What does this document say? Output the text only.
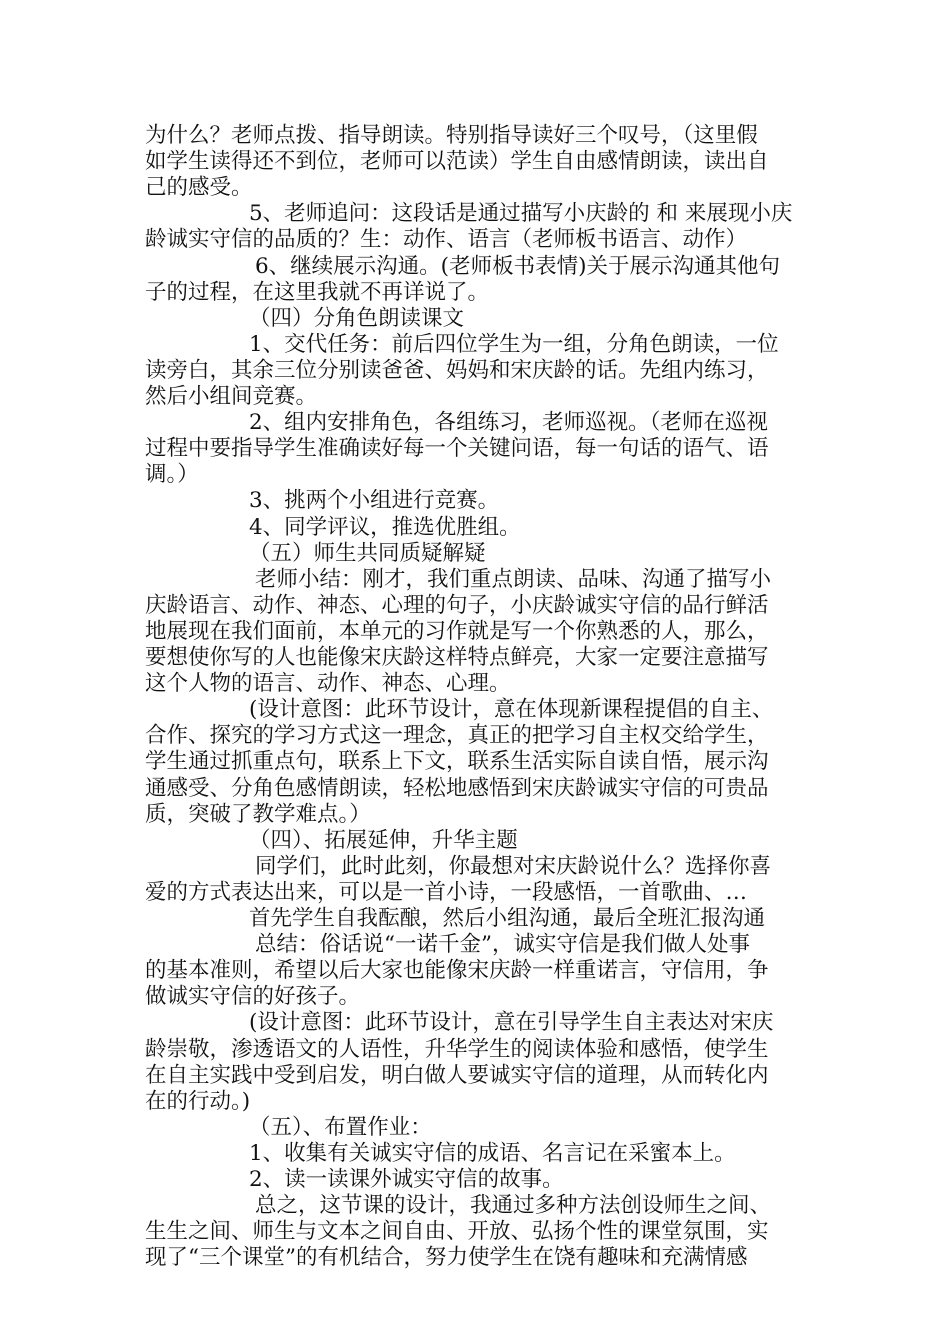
为什么？老师点拨、指导朗读。特别指导读好三个叹号，（这里假
如学生读得还不到位，老师可以范读）学生自由感情朗读，读出自
己的感受。
5、老师追问：这段话是通过描写小庆龄的 和 来展现小庆
龄诚实守信的品质的？生：动作、语言（老师板书语言、动作）
6、继续展示沟通。(老师板书表情)关于展示沟通其他句
子的过程，在这里我就不再详说了。
（四）分角色朗读课文
1、交代任务：前后四位学生为一组，分角色朗读，一位
读旁白，其余三位分别读爸爸、妈妈和宋庆龄的话。先组内练习，
然后小组间竞赛。
2、组内安排角色，各组练习，老师巡视。（老师在巡视
过程中要指导学生准确读好每一个关键问语，每一句话的语气、语
调。）
3、挑两个小组进行竞赛。
4、同学评议，推选优胜组。
（五）师生共同质疑解疑
老师小结：刚才，我们重点朗读、品味、沟通了描写小
庆龄语言、动作、神态、心理的句子，小庆龄诚实守信的品行鲜活
地展现在我们面前，本单元的习作就是写一个你熟悉的人，那么，
要想使你写的人也能像宋庆龄这样特点鲜亮，大家一定要注意描写
这个人物的语言、动作、神态、心理。
(设计意图：此环节设计，意在体现新课程提倡的自主、
合作、探究的学习方式这一理念，真正的把学习自主权交给学生，
学生通过抓重点句，联系上下文，联系生活实际自读自悟，展示沟
通感受、分角色感情朗读，轻松地感悟到宋庆龄诚实守信的可贵品
质，突破了教学难点。）
（四）、拓展延伸，升华主题
同学们，此时此刻，你最想对宋庆龄说什么？选择你喜
爱的方式表达出来，可以是一首小诗，一段感悟，一首歌曲、…
首先学生自我酝酿，然后小组沟通，最后全班汇报沟通
总结：俗话说“一诺千金”，诚实守信是我们做人处事
的基本准则，希望以后大家也能像宋庆龄一样重诺言，守信用，争
做诚实守信的好孩子。
(设计意图：此环节设计，意在引导学生自主表达对宋庆
龄崇敬，渗透语文的人语性，升华学生的阅读体验和感悟，使学生
在自主实践中受到启发，明白做人要诚实守信的道理，从而转化内
在的行动。)
（五）、布置作业：
1、收集有关诚实守信的成语、名言记在采蜜本上。
2、读一读课外诚实守信的故事。
总之，这节课的设计，我通过多种方法创设师生之间、
生生之间、师生与文本之间自由、开放、弘扬个性的课堂氛围，实
现了“三个课堂”的有机结合，努力使学生在饶有趣味和充满情感
